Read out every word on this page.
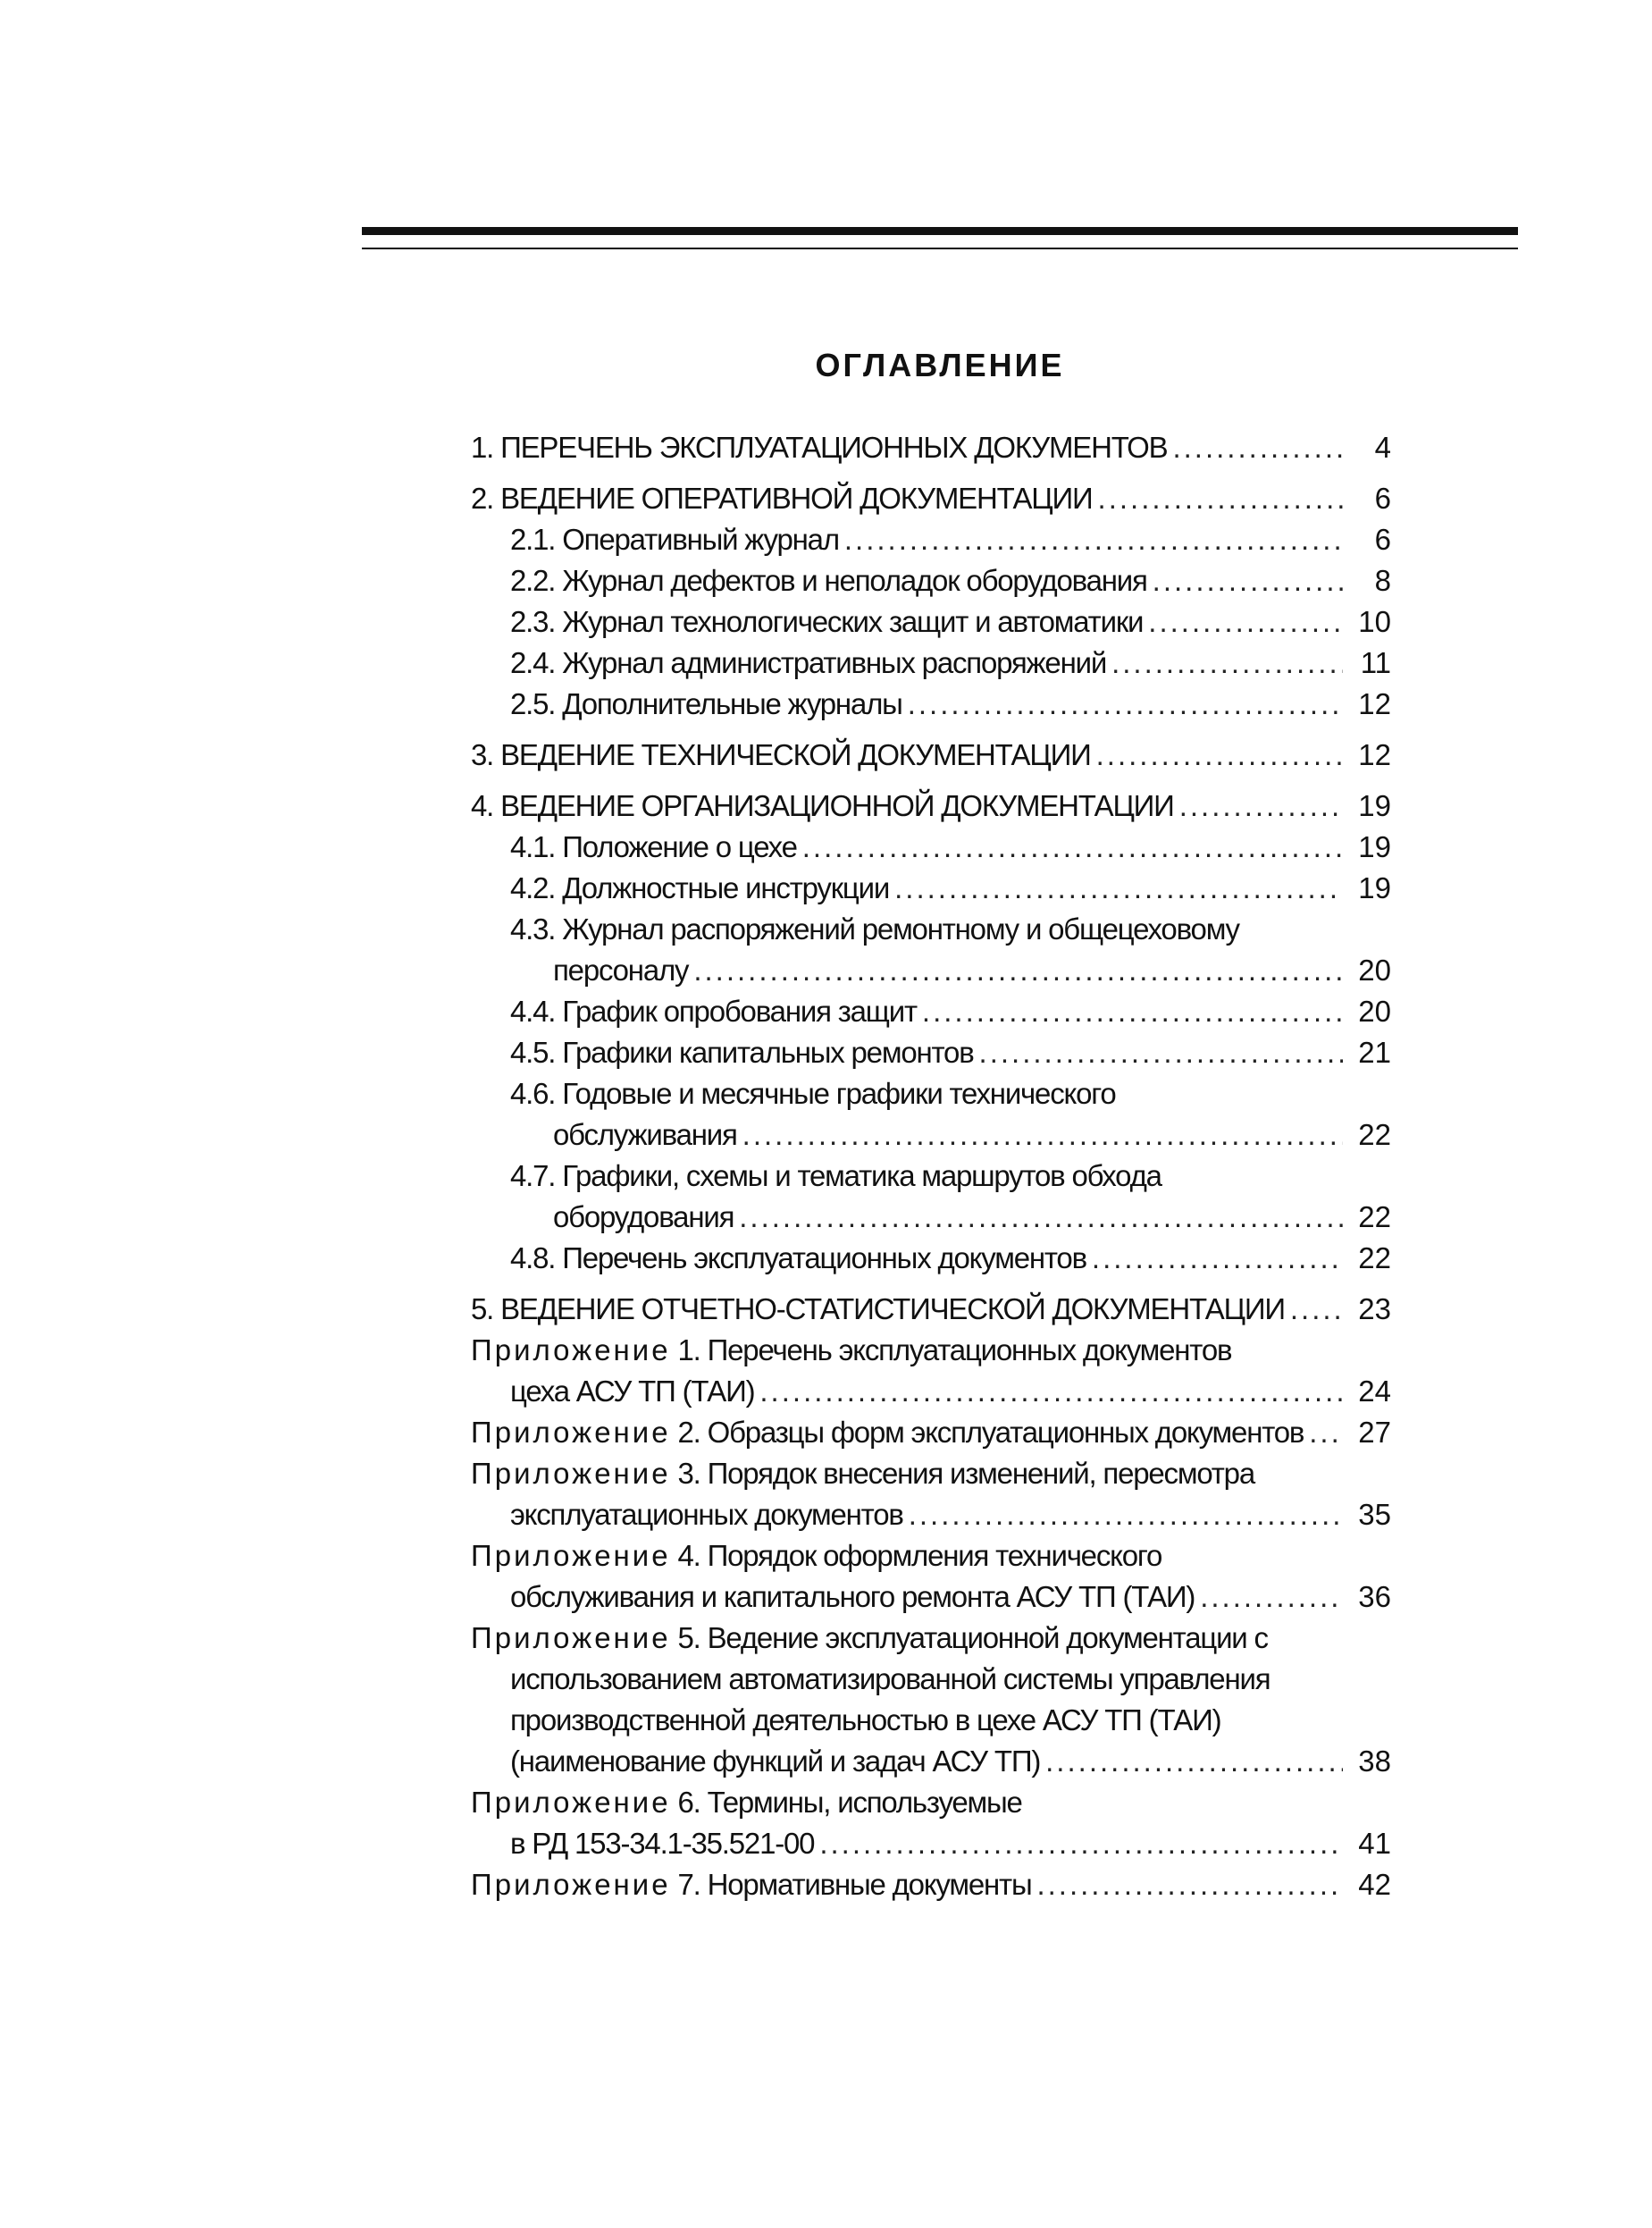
ОГЛАВЛЕНИЕ
1. ПЕРЕЧЕНЬ ЭКСПЛУАТАЦИОННЫХ ДОКУМЕНТОВ .....	4
2. ВЕДЕНИЕ ОПЕРАТИВНОЙ ДОКУМЕНТАЦИИ .....	6
2.1. Оперативный журнал .....	6
2.2. Журнал дефектов и неполадок оборудования .....	8
2.3. Журнал технологических защит и автоматики .....	10
2.4. Журнал административных распоряжений .....	11
2.5. Дополнительные журналы .....	12
3. ВЕДЕНИЕ ТЕХНИЧЕСКОЙ ДОКУМЕНТАЦИИ .....	12
4. ВЕДЕНИЕ ОРГАНИЗАЦИОННОЙ ДОКУМЕНТАЦИИ .....	19
4.1. Положение о цехе .....	19
4.2. Должностные инструкции .....	19
4.3. Журнал распоряжений ремонтному и общецеховому
персоналу .....	20
4.4. График опробования защит .....	20
4.5. Графики капитальных ремонтов .....	21
4.6. Годовые и месячные графики технического
обслуживания .....	22
4.7. Графики, схемы и тематика маршрутов обхода
оборудования .....	22
4.8. Перечень эксплуатационных документов .....	22
5. ВЕДЕНИЕ ОТЧЕТНО-СТАТИСТИЧЕСКОЙ ДОКУМЕНТАЦИИ .....	23
Приложение 1. Перечень эксплуатационных документов
цеха АСУ ТП (ТАИ) .....	24
Приложение 2. Образцы форм эксплуатационных документов .....	27
Приложение 3. Порядок внесения изменений, пересмотра
эксплуатационных документов .....	35
Приложение 4. Порядок оформления технического
обслуживания и капитального ремонта АСУ ТП (ТАИ) .....	36
Приложение 5. Ведение эксплуатационной документации с
использованием автоматизированной системы управления
производственной деятельностью в цехе АСУ ТП (ТАИ)
(наименование функций и задач АСУ ТП) .....	38
Приложение 6. Термины, используемые
в РД 153-34.1-35.521-00 .....	41
Приложение 7. Нормативные документы .....	42
